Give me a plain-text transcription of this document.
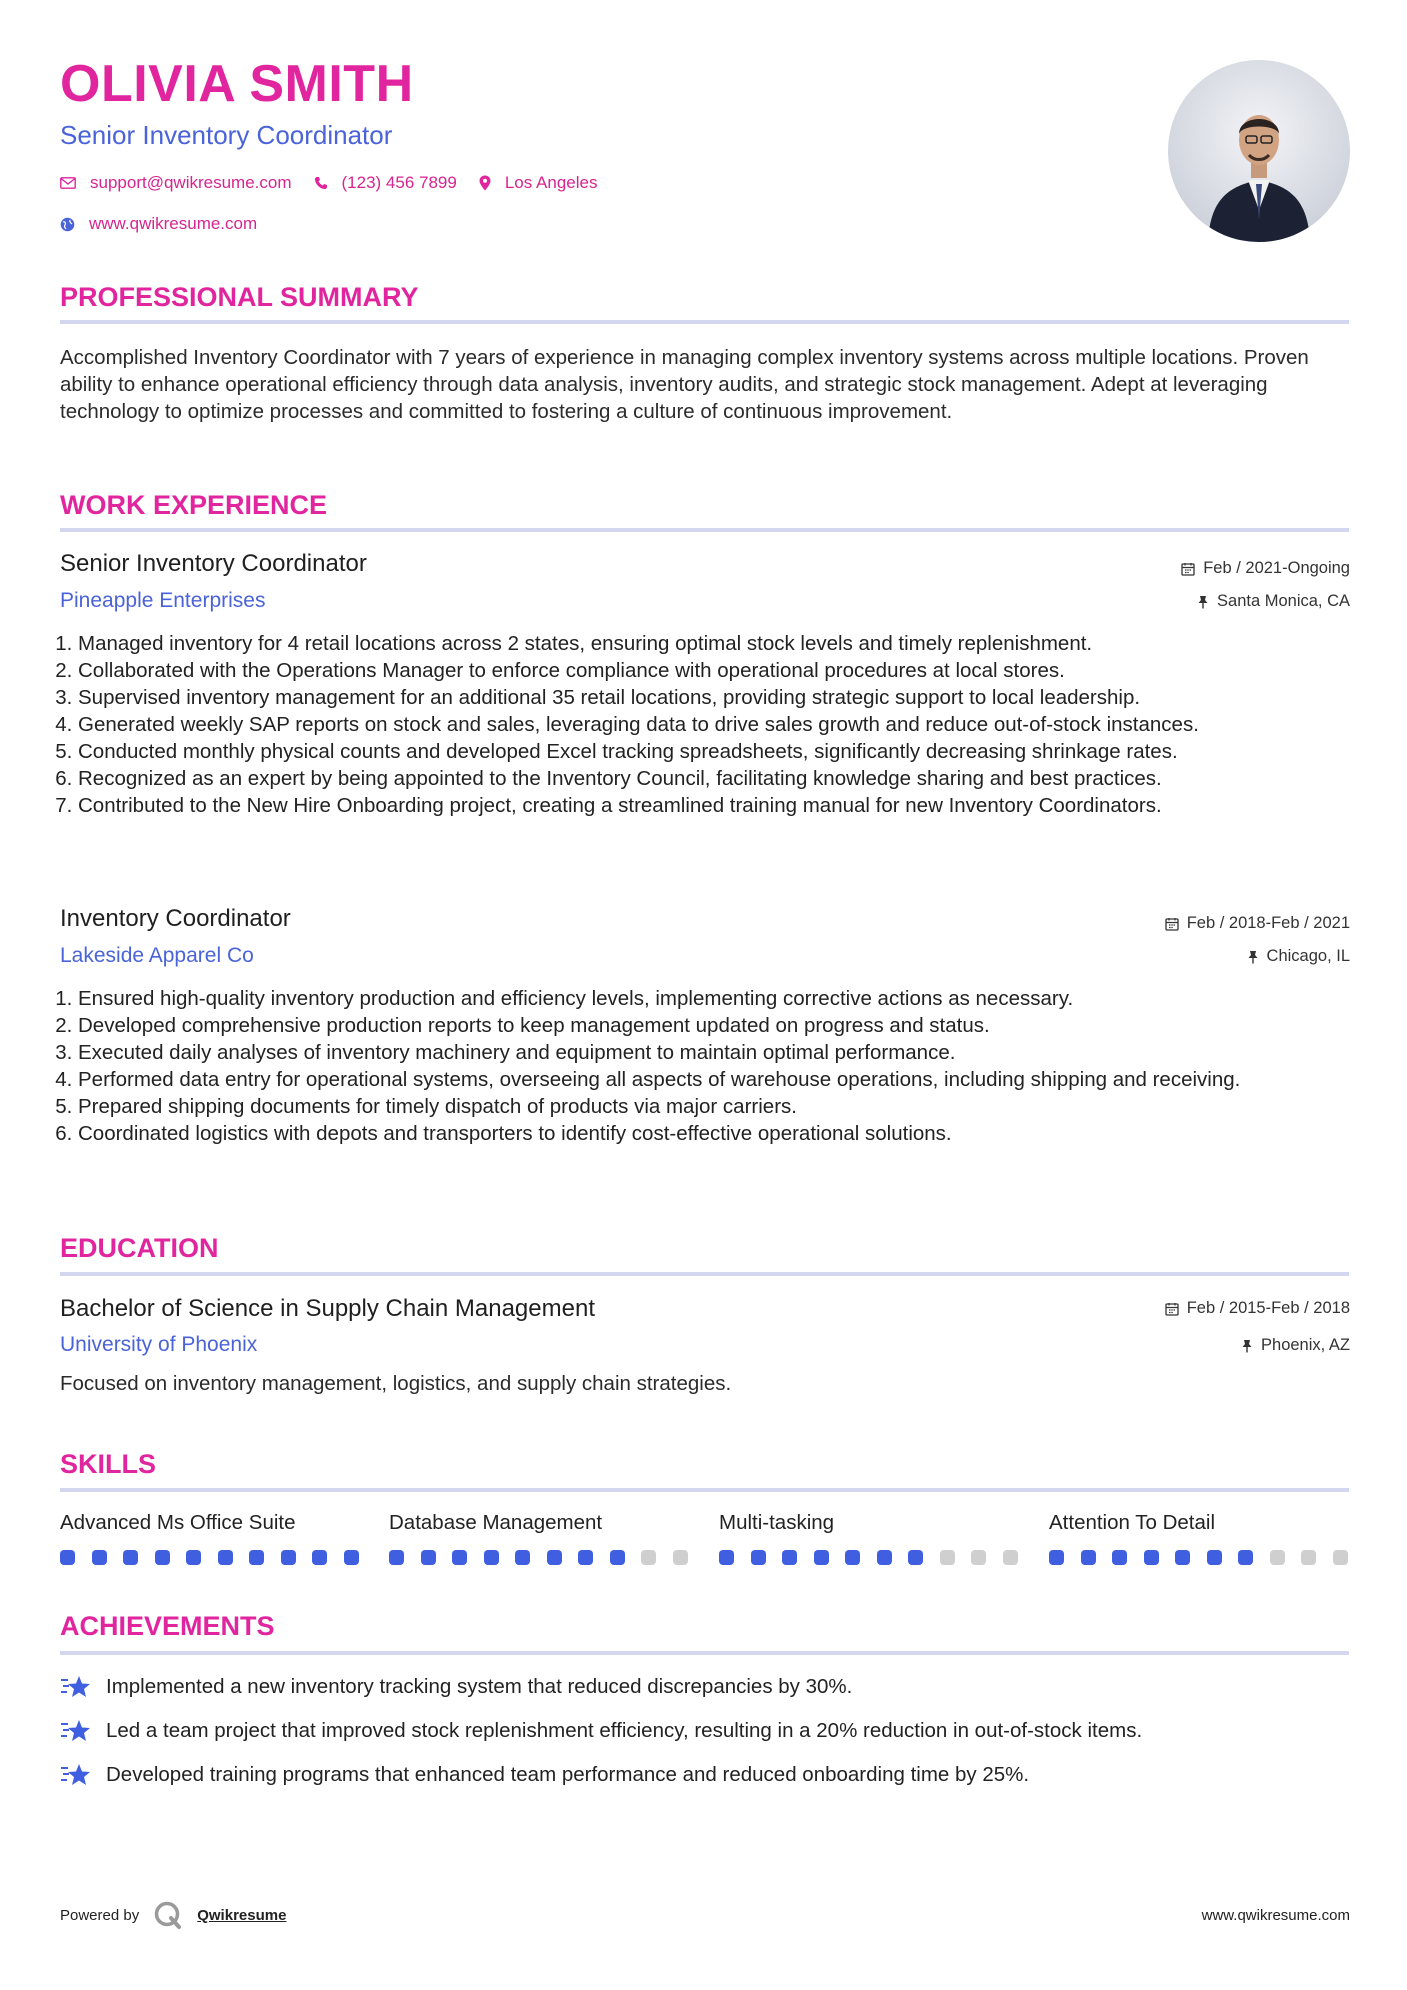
OLIVIA SMITH
Senior Inventory Coordinator
support@qwikresume.com	(123) 456 7899	Los Angeles
www.qwikresume.com
PROFESSIONAL SUMMARY
Accomplished Inventory Coordinator with 7 years of experience in managing complex inventory systems across multiple locations. Proven ability to enhance operational efficiency through data analysis, inventory audits, and strategic stock management. Adept at leveraging technology to optimize processes and committed to fostering a culture of continuous improvement.
WORK EXPERIENCE
Senior Inventory Coordinator
Pineapple Enterprises
Feb / 2021-Ongoing
Santa Monica, CA
1. Managed inventory for 4 retail locations across 2 states, ensuring optimal stock levels and timely replenishment.
2. Collaborated with the Operations Manager to enforce compliance with operational procedures at local stores.
3. Supervised inventory management for an additional 35 retail locations, providing strategic support to local leadership.
4. Generated weekly SAP reports on stock and sales, leveraging data to drive sales growth and reduce out-of-stock instances.
5. Conducted monthly physical counts and developed Excel tracking spreadsheets, significantly decreasing shrinkage rates.
6. Recognized as an expert by being appointed to the Inventory Council, facilitating knowledge sharing and best practices.
7. Contributed to the New Hire Onboarding project, creating a streamlined training manual for new Inventory Coordinators.
Inventory Coordinator
Lakeside Apparel Co
Feb / 2018-Feb / 2021
Chicago, IL
1. Ensured high-quality inventory production and efficiency levels, implementing corrective actions as necessary.
2. Developed comprehensive production reports to keep management updated on progress and status.
3. Executed daily analyses of inventory machinery and equipment to maintain optimal performance.
4. Performed data entry for operational systems, overseeing all aspects of warehouse operations, including shipping and receiving.
5. Prepared shipping documents for timely dispatch of products via major carriers.
6. Coordinated logistics with depots and transporters to identify cost-effective operational solutions.
EDUCATION
Bachelor of Science in Supply Chain Management
University of Phoenix
Feb / 2015-Feb / 2018
Phoenix, AZ
Focused on inventory management, logistics, and supply chain strategies.
SKILLS
Advanced Ms Office Suite	Database Management	Multi-tasking	Attention To Detail
ACHIEVEMENTS
Implemented a new inventory tracking system that reduced discrepancies by 30%.
Led a team project that improved stock replenishment efficiency, resulting in a 20% reduction in out-of-stock items.
Developed training programs that enhanced team performance and reduced onboarding time by 25%.
Powered by	Qwikresume	www.qwikresume.com
